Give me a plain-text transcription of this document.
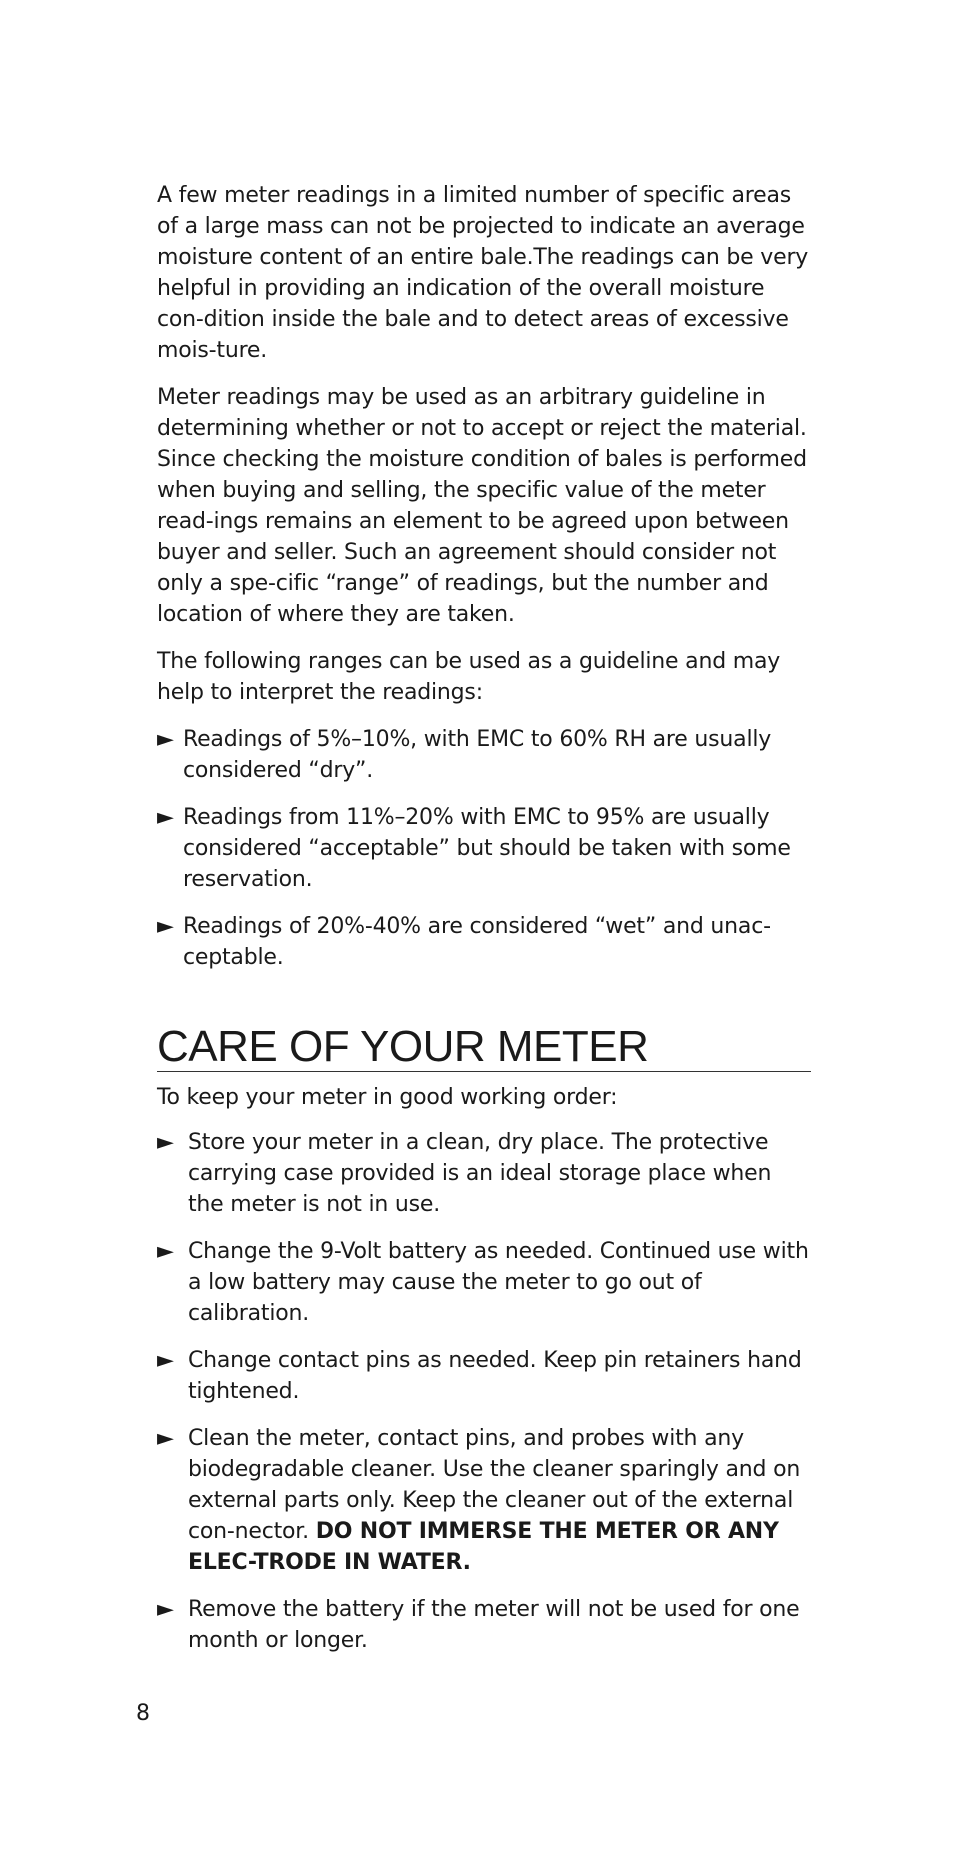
A few meter readings in a limited number of specific areas of a large mass can not be projected to indicate an average moisture content of an entire bale.The readings can be very helpful in providing an indication of the overall moisture con-dition inside the bale and to detect areas of excessive mois-ture.

Meter readings may be used as an arbitrary guideline in determining whether or not to accept or reject the material. Since checking the moisture condition of bales is performed when buying and selling, the specific value of the meter read-ings remains an element to be agreed upon between buyer and seller. Such an agreement should consider not only a spe-cific “range” of readings, but the number and location of where they are taken.

The following ranges can be used as a guideline and may help to interpret the readings:

► Readings of 5%–10%, with EMC to 60% RH are usually considered “dry”.
► Readings from 11%–20% with EMC to 95% are usually considered “acceptable” but should be taken with some reservation.
► Readings of 20%-40% are considered “wet” and unac-ceptable.
CARE OF YOUR METER

To keep your meter in good working order:

► Store your meter in a clean, dry place. The protective carrying case provided is an ideal storage place when the meter is not in use.
► Change the 9-Volt battery as needed. Continued use with a low battery may cause the meter to go out of calibration.
► Change contact pins as needed. Keep pin retainers hand tightened.
► Clean the meter, contact pins, and probes with any biodegradable cleaner. Use the cleaner sparingly and on external parts only. Keep the cleaner out of the external con-nector. DO NOT IMMERSE THE METER OR ANY ELEC-TRODE IN WATER.
► Remove the battery if the meter will not be used for one month or longer.
8
